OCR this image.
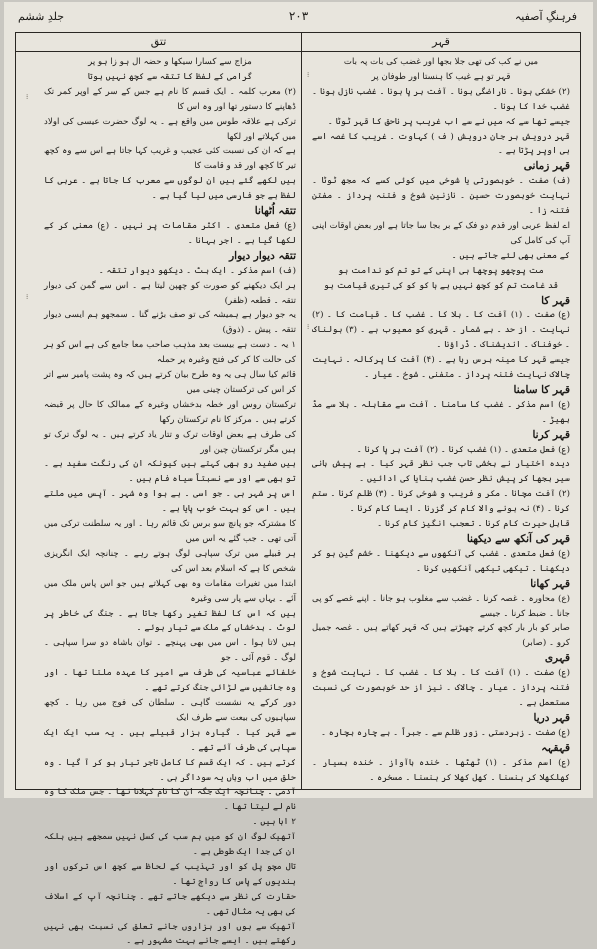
جلدِ ششم	۲۰۳	فرہنگِ آصفیہ
تتق	قہر

مزاج سے کسارا سیکھا و حضہ ال ہو زا ہو پر

گرامی کے لفظ کا تتقہ سے کچھ نہیں ہوتا

(۲) معرب کلمہ ۔ ایک قسم کا نام ہے جس کے سر کے اوپر کمر تک ڈھاپنے کا دستور تھا اور وہ اس کا

ترکی ہے علاقہ طوس میں واقع ہے ۔ یہ لوگ حضرت عیسی کی اولاد میں کہلاتے اور لکھا

ہے کہ ان کی نسبت کئی عجیب و غریب کہا جاتا ہے اس سے وہ کچھ تیر کا کچھ اور قد و قامت کا

ہیں لکھے گئے ہیں ان لوگوں سے معرب کا جاتا ہے ۔ عربی کا لفظ ہے جو فارسی میں لیا گیا ہے ۔

تتقہ اُٹھانا

(ع) فعل متعدی ۔ اکثر مقامات پر نہیں ۔ (ع) معنی کر کے لکھا گیا ہے ۔ اجر بہانا ۔

تتقہ دیوار دیوار

(ف) اسم مذکر ۔ ایک بٹ ۔ دیکھو دیوار تتقہ ۔

ہر ایک دیکھنے کو صورت کو چھپن لیتا ہے ۔ اس سے گمن کی دیوار تتقہ ۔ قطعہ (ظفر)

یہ جو دیوار ہے ہمیشہ کی تو صف بڑنے گنا ۔ سمجھو ہم ایسی دیوار تتقہ ۔ پیش ۔ (ذوق)

۱ یہ ۔ دست ہے بیست بعد مذہب صاحب معا جامع کی ہے اس کو ہر کی حالت کا کر کی فتح وغیرہ پر حملہ

قائم کیا سال ہی یہ وہ طرح بیان کرتے ہیں کہ وہ پشت پامیر سے اتر کر اس کی ترکستان چینی میں

ترکستان روس اور خطہ بدخشاں وغیرہ کے ممالک کا حال پر قبضہ کرتے ہیں ۔ مرکز کا نام ترکستان رکھا

کی طرف ہے بعض اوقات ترک و تتار یاد کرتے ہیں ۔ یہ لوگ ترک تو ہیں مگر ترکستان چین اور

ہیں صفید رو بھی کہتے ہیں کیونکہ ان کی رنگت سفید ہے ۔ تو بھی سے اور سے نسبتاً سیاہ فام ہیں ۔

اس پر شہر ہی ۔ جو اسی ۔ ہے ہوا وہ شہر ۔ آپس میں ملتے ہیں ۔ اس کو بہت خوب پایا ہے ۔

کا مشترکہ جو پانچ سو برس تک قائم رہا ۔ اور یہ سلطنت ترکی میں آتی تھی ۔ جب گئے یہ اس میں

ہر قبیلے میں ترک سپاہی لوگ ہوتے رہے ۔ چنانچہ ایک انگریزی شخص کا ہے کہ اسلام بعد اس کی

ابتدا میں تغیرات مقامات وہ بھی کہلاتے ہیں جو اس پاس ملک میں آئے ۔ یہاں سے پار سی وغیرہ

ہیں کہ اس کا لفظ تغیر رکھا جاتا ہے ۔ جنگ کی خاطر پر لوٹ ۔ بدخشاں کے ملک سے تیار ہوئے ۔

ہیں لاتا ہوا ۔ اس میں بھی پہنچے ۔ توان باشاہ دو سرا سپاہی ۔ لوگ ۔ قوم آئی ۔ جو

خلفائے عباسیہ کی طرف سے امیر کا عہدہ ملتا تھا ۔ اور وہ جانشیں سے لڑائی جنگ کرتے تھے ۔

دور کرکے یہ نشست گاہی ۔ سلطان کی فوج میں رہا ۔ کچھ سپاہیوں کی بیعت سے طرف ایک

سے قہر کیا ۔ گیارہ ہزار قبیلے ہیں ۔ یہ سب ایک ایک سپاہی کی طرف آئے تھے ۔

کرتے ہیں ۔ کہ ایک قسم کا کامل تاجر تیار ہو کر آ گیا ۔ وہ حلق میں اب وہاں یہ سوداگر ہی ۔

آدمی ۔ چنانچہ ایک جگہ ان کا نام کہلاتا تھا ۔ جس ملک کا وہ نام لے لیتا تھا ۔

۲ اہا ہیں ۔

آتھیک لوگ ان کو میں ہم سب کی کسل نہیں سمجھے ہیں بلکہ ان کی جدا ایک طوطی ہے ۔

تال مچو پل کو اور تہذیب کے لحاظ سے کچھ اس ترکوں اور ہندیوں کے پاس کا رواج تھا ۔

حقارت کی نظر سے دیکھے جاتے تھے ۔ چنانچہ آپ کے اسلاف کی بھی یہ مثال تھی ۔

آتھیک سے ہوں اور ہزاروں جانے تعلق کی نسبت بھی نہیں رکھتے ہیں ۔ ایسے جانے بہت مشہور ہے ۔

میں نے کب کی تھی جلا بجھا اور غضب کی بات پہ بات

قہر تو ہے غیب کا ہنستا اور طوفان پر

(۲) خشکی ہونا ۔ ناراضگی ہونا ۔ آفت بر پا ہونا ۔ غضب نازل ہونا ۔ غضب خدا کا ہونا ۔

جیسے تھا سے کہ میں نے سے اب غریب پر ناحق کا قہر ٹوٹا ۔

قہر درویش بر جان درویش ( ف ) کہاوت ۔ غریب کا غصہ اسے ہی اوپر پڑتا ہے ۔

قہر زمانی

(ف) صفت ۔ خوبصورتی یا شوخی میں کوئی کسے کہ مجھ ٹوٹا ۔ نہایت خوبصورت حسین ۔ نازنین شوخ و فتنہ پرداز ۔ مفتن فتنہ زا ۔

اے لفظ عربی اور قدم دو فک کے بر بجا سا جاتا ہے اور بعض اوقات اپنی آپ کی کامل کی

کے معنی بھی لئے جاتے ہیں ۔

مت پوچھو پوچھا ہی اپنی کے تو تم کو ندامت ہو

قد غامت تم کو کچھ نہیں ہے ہا کو کو کی تیری قیامت ہو

قہر کا

(ع) صفت ۔ (۱) آفت کا ۔ بلا کا ۔ غضب کا ۔ قیامت کا ۔ (۲) نہایت ۔ از حد ۔ بے شمار ۔ قہری کو معیوب ہے ۔ (۳) ہولناک ۔ خوفناک ۔ اندیشناک ۔ ڈراؤنا ۔

جیسے قہر کا مینہ برس رہا ہے ۔ (۴) آفت کا پرکالہ ۔ نہایت چالاک نہایت فتنہ پرداز ۔ متفنی ۔ شوخ ۔ عیار ۔

قہر کا سامنا

(ع) اسم مذکر ۔ غضب کا سامنا ۔ آفت سے مقابلہ ۔ بلا سے مڈ بھیڑ ۔

قہر کرنا

(ع) فعل متعدی ۔ (۱) غضب کرنا ۔ (۲) آفت بر پا کرنا ۔

دیدہ اختیار نے بخشی تاب جب نظر قہر کیا ۔ ہے پیش بانی سیر بجھا کر پیش نظر حسن غضب بنایا کی ادائیں ۔

(۲) آفت مچانا ۔ مکر و فریب و شوخی کرنا ۔ (۳) ظلم کرنا ۔ ستم کرنا ۔ (۴) نہ ہونے والا کام کر گزرنا ۔ ایسا کام کرنا ۔

قابل حیرت کام کرنا ۔ تعجب انگیز کام کرنا ۔

قہر کی آنکھ سے دیکھنا

(ع) فعل متعدی ۔ غضب کی آنکھوں سے دیکھنا ۔ خشم گین ہو کر دیکھنا ۔ تیکھی تیکھی آنکھیں کرنا ۔

قہر کھانا

(ع) محاورہ ۔ غصہ کرنا ۔ غضب سے مغلوب ہو جانا ۔ اپنے غصے کو پی جانا ۔ ضبط کرنا ۔ جیسے

صابر کو بار بار کچھ کرتے چھیڑتے ہیں کہ قہر کھاتے ہیں ۔ غصہ جمیل کرو ۔ (صابر)

قہری

(ع) صفت ۔ (۱) آفت کا ۔ بلا کا ۔ غضب کا ۔ نہایت شوخ و فتنہ پرداز ۔ عیار ۔ چالاک ۔ نیز از حد خوبصورت کی نسبت مستعمل ہے ۔

قہر دریا

(ع) صفت ۔ زبردستی ۔ زور ظلم سے ۔ جبراً ۔ بے چارہ بچارہ ۔

قہقہہ

(ع) اسم مذکر ۔ (۱) ٹھٹھا ۔ خندہ باآواز ۔ خندہ بسیار ۔ کھلکھلا کر ہنسنا ۔ کھل کھلا کر ہنسنا ۔ مسخرہ ۔

⁝
⁝
⁝
⁝
